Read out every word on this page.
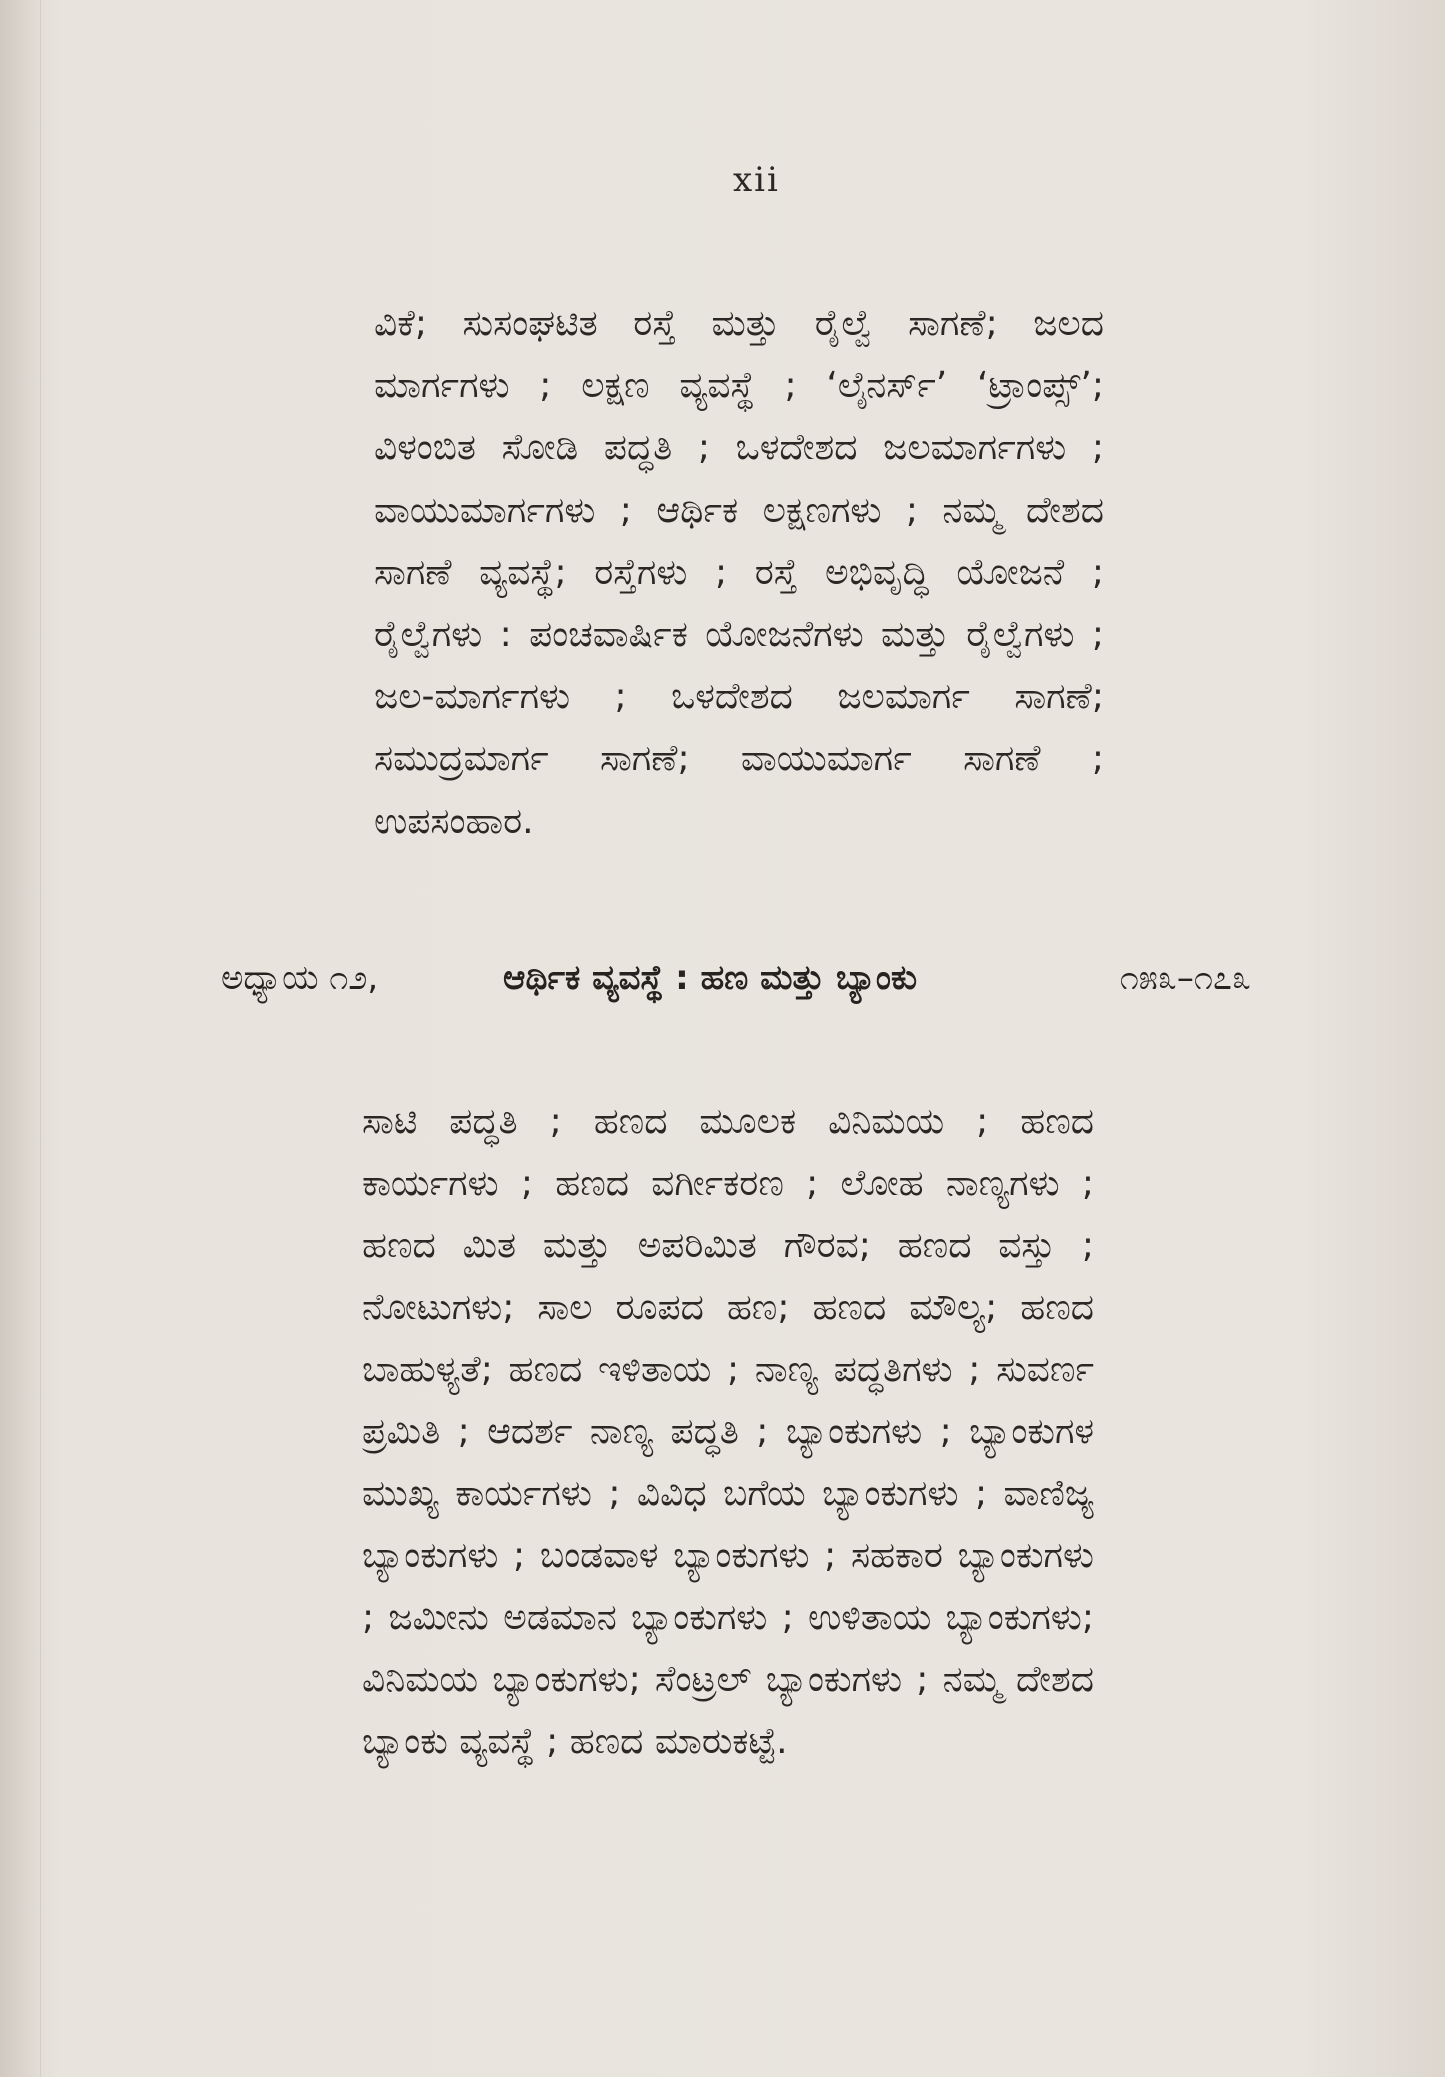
xii

ವಿಕೆ; ಸುಸಂಘಟಿತ ರಸ್ತೆ ಮತ್ತು ರೈಲ್ವೆ ಸಾಗಣೆ; ಜಲದ ಮಾರ್ಗಗಳು ; ಲಕ್ಷಣ ವ್ಯವಸ್ಥೆ ; ‘ಲೈನರ್ಸ್’ ‘ಟ್ರಾಂಪ್ಸ್’; ವಿಳಂಬಿತ ಸೋಡಿ ಪದ್ಧತಿ ; ಒಳದೇಶದ ಜಲಮಾರ್ಗಗಳು ; ವಾಯುಮಾರ್ಗಗಳು ; ಆರ್ಥಿಕ ಲಕ್ಷಣಗಳು ; ನಮ್ಮ ದೇಶದ ಸಾಗಣೆ ವ್ಯವಸ್ಥೆ; ರಸ್ತೆಗಳು ; ರಸ್ತೆ ಅಭಿವೃದ್ಧಿ ಯೋಜನೆ ; ರೈಲ್ವೆಗಳು : ಪಂಚವಾರ್ಷಿಕ ಯೋಜನೆಗಳು ಮತ್ತು ರೈಲ್ವೆಗಳು ; ಜಲ-ಮಾರ್ಗಗಳು ; ಒಳದೇಶದ ಜಲಮಾರ್ಗ ಸಾಗಣೆ; ಸಮುದ್ರಮಾರ್ಗ ಸಾಗಣೆ; ವಾಯುಮಾರ್ಗ ಸಾಗಣೆ ; ಉಪಸಂಹಾರ.

ಅಧ್ಯಾಯ ೧೨,	ಆರ್ಥಿಕ ವ್ಯವಸ್ಥೆ : ಹಣ ಮತ್ತು ಬ್ಯಾಂಕು	೧೫೩–೧೭೩

ಸಾಟಿ ಪದ್ಧತಿ ; ಹಣದ ಮೂಲಕ ವಿನಿಮಯ ; ಹಣದ ಕಾರ್ಯಗಳು ; ಹಣದ ವರ್ಗೀಕರಣ ; ಲೋಹ ನಾಣ್ಯಗಳು ; ಹಣದ ಮಿತ ಮತ್ತು ಅಪರಿಮಿತ ಗೌರವ; ಹಣದ ವಸ್ತು ; ನೋಟುಗಳು; ಸಾಲ ರೂಪದ ಹಣ; ಹಣದ ಮೌಲ್ಯ; ಹಣದ ಬಾಹುಳ್ಯತೆ; ಹಣದ ಇಳಿತಾಯ ; ನಾಣ್ಯ ಪದ್ಧತಿಗಳು ; ಸುವರ್ಣ ಪ್ರಮಿತಿ ; ಆದರ್ಶ ನಾಣ್ಯ ಪದ್ಧತಿ ; ಬ್ಯಾಂಕುಗಳು ; ಬ್ಯಾಂಕುಗಳ ಮುಖ್ಯ ಕಾರ್ಯಗಳು ; ವಿವಿಧ ಬಗೆಯ ಬ್ಯಾಂಕುಗಳು ; ವಾಣಿಜ್ಯ ಬ್ಯಾಂಕುಗಳು ; ಬಂಡವಾಳ ಬ್ಯಾಂಕುಗಳು ; ಸಹಕಾರ ಬ್ಯಾಂಕುಗಳು ; ಜಮೀನು ಅಡಮಾನ ಬ್ಯಾಂಕುಗಳು ; ಉಳಿತಾಯ ಬ್ಯಾಂಕುಗಳು; ವಿನಿಮಯ ಬ್ಯಾಂಕುಗಳು; ಸೆಂಟ್ರಲ್ ಬ್ಯಾಂಕುಗಳು ; ನಮ್ಮ ದೇಶದ ಬ್ಯಾಂಕು ವ್ಯವಸ್ಥೆ ; ಹಣದ ಮಾರುಕಟ್ಟೆ.
